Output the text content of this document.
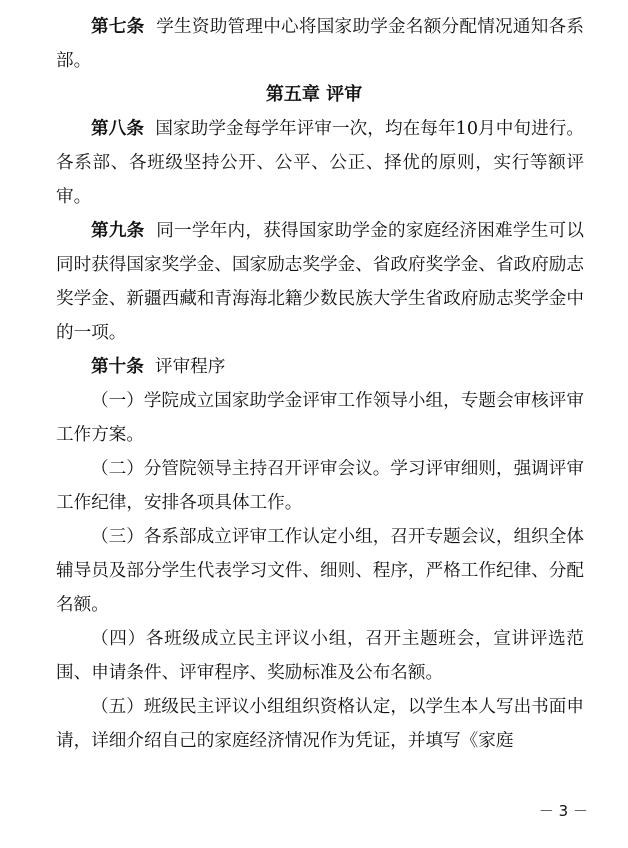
第七条 学生资助管理中心将国家助学金名额分配情况通知各系部。

第五章 评审

第八条 国家助学金每学年评审一次，均在每年10月中旬进行。各系部、各班级坚持公开、公平、公正、择优的原则，实行等额评审。

第九条 同一学年内，获得国家助学金的家庭经济困难学生可以同时获得国家奖学金、国家励志奖学金、省政府奖学金、省政府励志奖学金、新疆西藏和青海海北籍少数民族大学生省政府励志奖学金中的一项。

第十条 评审程序

（一）学院成立国家助学金评审工作领导小组，专题会审核评审工作方案。

（二）分管院领导主持召开评审会议。学习评审细则，强调评审工作纪律，安排各项具体工作。

（三）各系部成立评审工作认定小组，召开专题会议，组织全体辅导员及部分学生代表学习文件、细则、程序，严格工作纪律、分配名额。

（四）各班级成立民主评议小组，召开主题班会，宣讲评选范围、申请条件、评审程序、奖励标准及公布名额。

（五）班级民主评议小组组织资格认定，以学生本人写出书面申请，详细介绍自己的家庭经济情况作为凭证，并填写《家庭

－ 3 －
